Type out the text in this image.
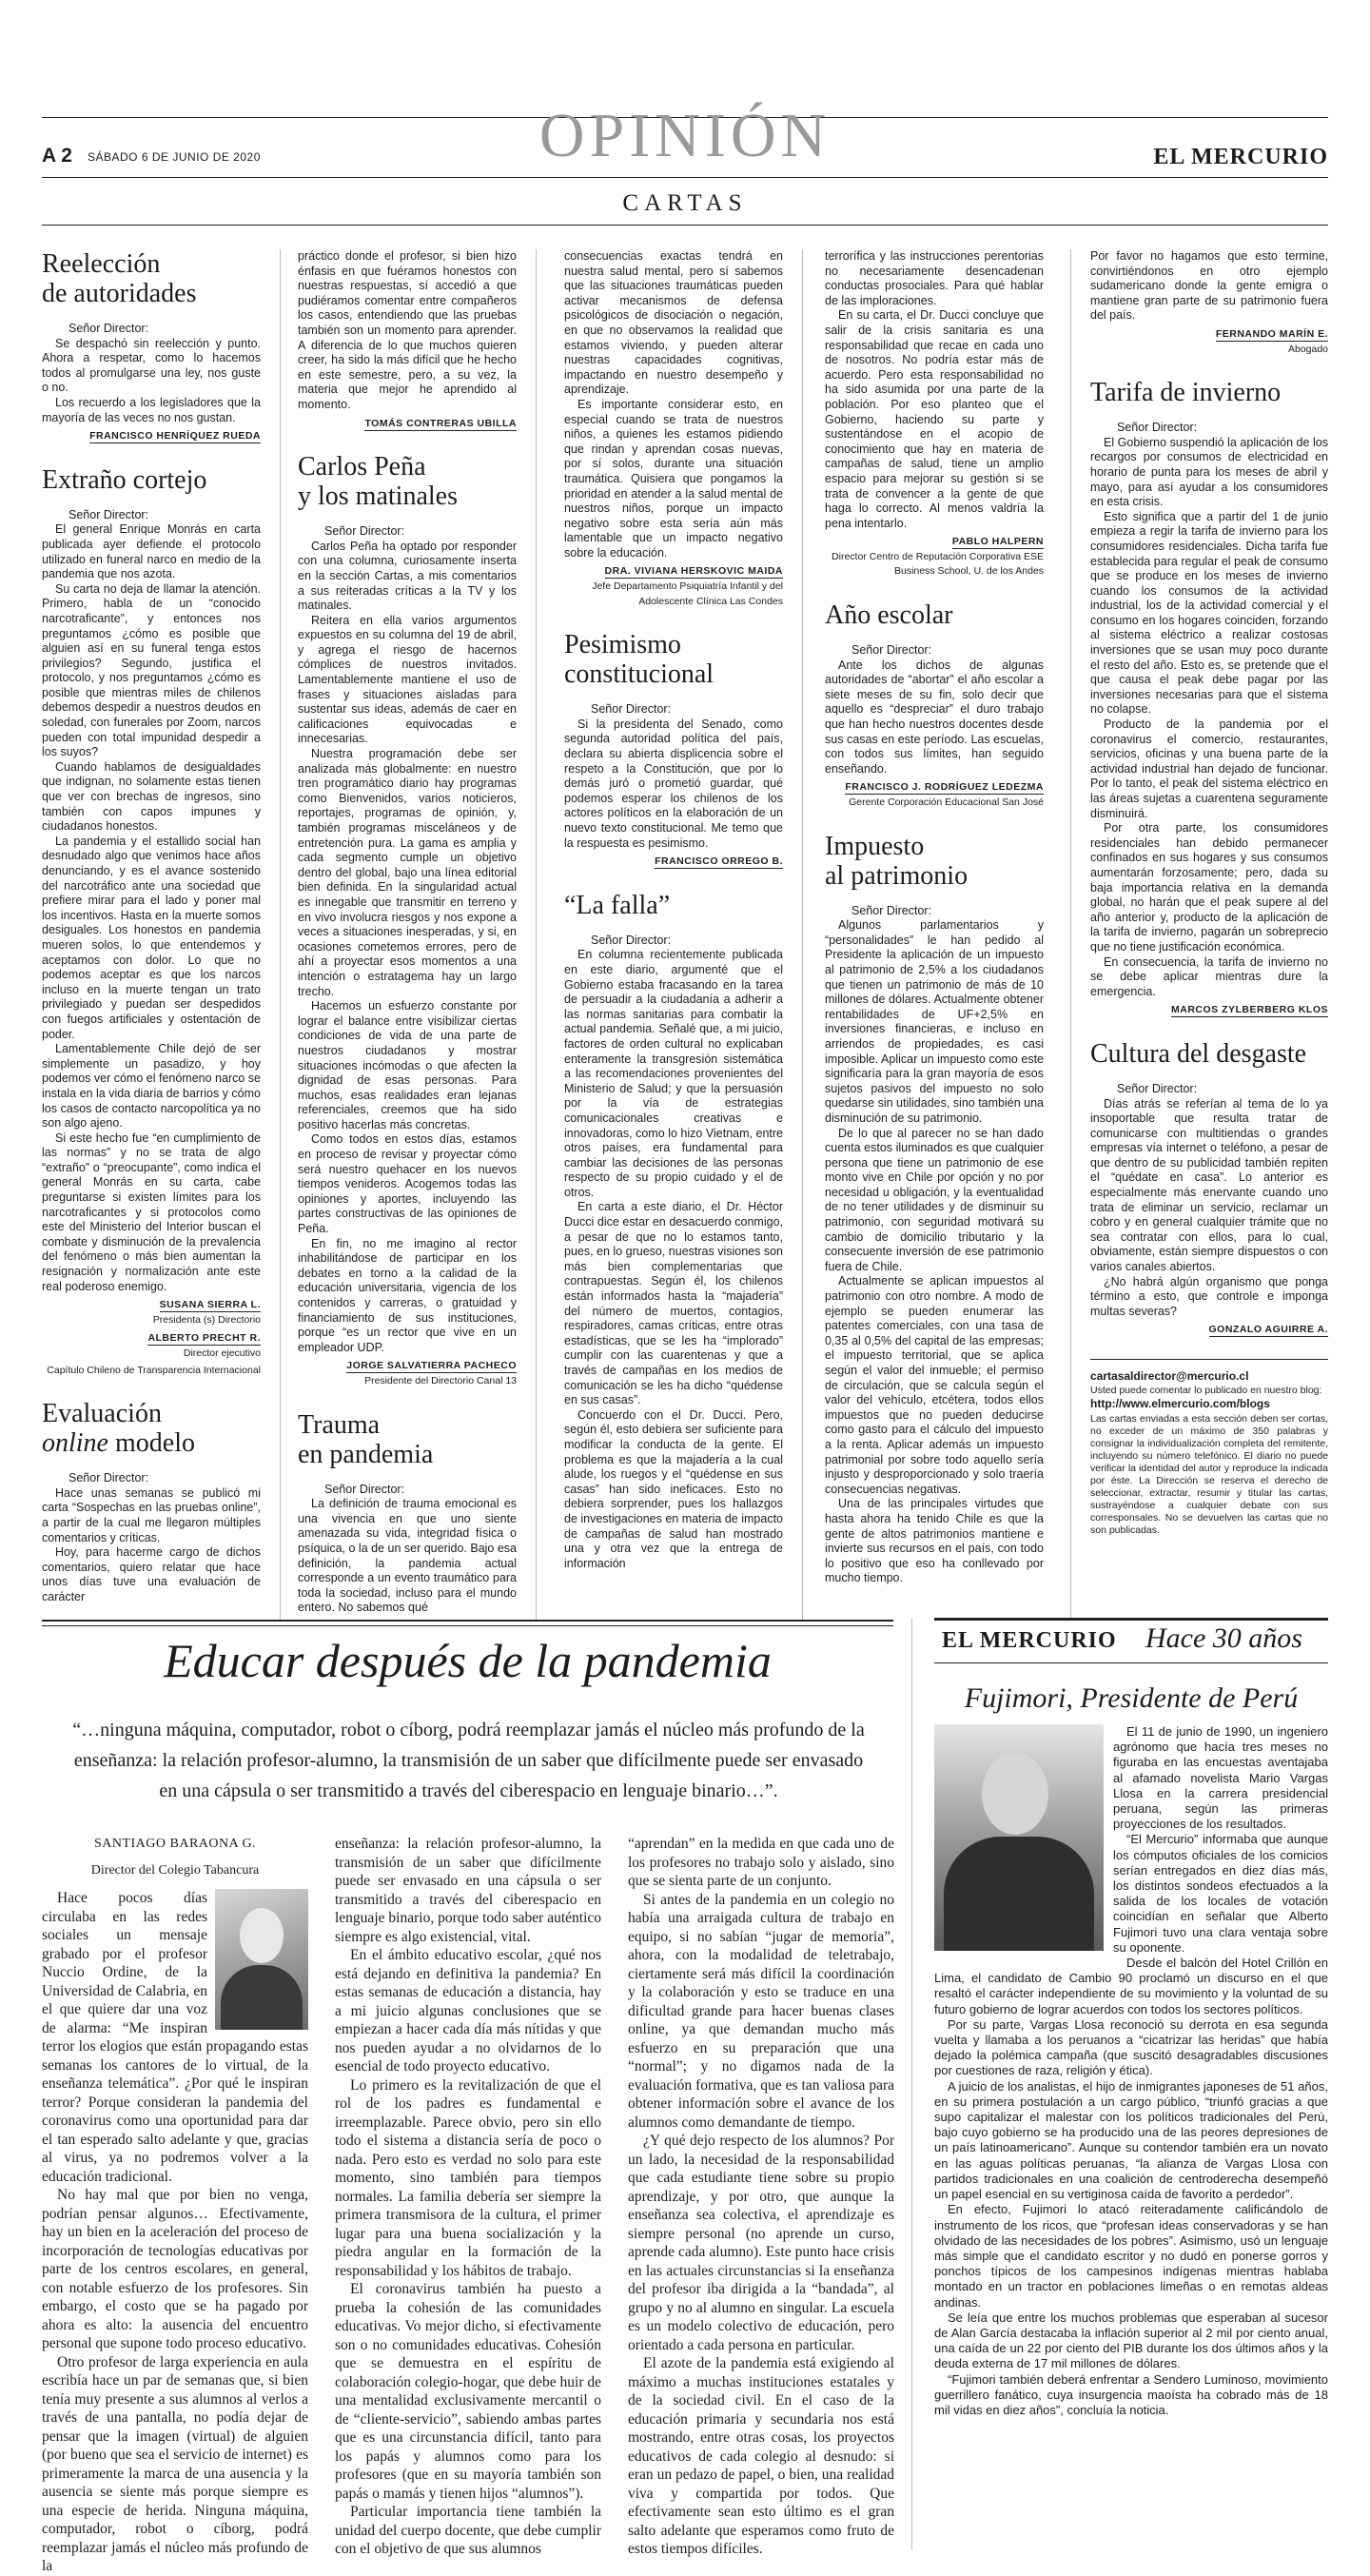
OPINIÓN
A 2 SÁBADO 6 DE JUNIO DE 2020	EL MERCURIO
CARTAS
Reelección
de autoridades

Señor Director:

Se despachó sin reelección y punto. Ahora a respetar, como lo hacemos todos al promulgarse una ley, nos guste o no.

Los recuerdo a los legisladores que la mayoría de las veces no nos gustan.

FRANCISCO HENRÍQUEZ RUEDA
Extraño cortejo

Señor Director:

El general Enrique Monrás en carta publicada ayer defiende el protocolo utilizado en funeral narco en medio de la pandemia que nos azota.

Su carta no deja de llamar la atención. Primero, habla de un “conocido narcotraficante”, y entonces nos preguntamos ¿cómo es posible que alguien así en su funeral tenga estos privilegios? Segundo, justifica el protocolo, y nos preguntamos ¿cómo es posible que mientras miles de chilenos debemos despedir a nuestros deudos en soledad, con funerales por Zoom, narcos pueden con total impunidad despedir a los suyos?

Cuando hablamos de desigualdades que indignan, no solamente estas tienen que ver con brechas de ingresos, sino también con capos impunes y ciudadanos honestos.

La pandemia y el estallido social han desnudado algo que venimos hace años denunciando, y es el avance sostenido del narcotráfico ante una sociedad que prefiere mirar para el lado y poner mal los incentivos. Hasta en la muerte somos desiguales. Los honestos en pandemia mueren solos, lo que entendemos y aceptamos con dolor. Lo que no podemos aceptar es que los narcos incluso en la muerte tengan un trato privilegiado y puedan ser despedidos con fuegos artificiales y ostentación de poder.

Lamentablemente Chile dejó de ser simplemente un pasadizo, y hoy podemos ver cómo el fenómeno narco se instala en la vida diaria de barrios y cómo los casos de contacto narcopolítica ya no son algo ajeno.

Si este hecho fue “en cumplimiento de las normas” y no se trata de algo “extraño” o “preocupante”, como indica el general Monrás en su carta, cabe preguntarse si existen límites para los narcotraficantes y si protocolos como este del Ministerio del Interior buscan el combate y disminución de la prevalencia del fenómeno o más bien aumentan la resignación y normalización ante este real poderoso enemigo.

SUSANA SIERRA L.
Presidenta (s) Directorio
ALBERTO PRECHT R.
Director ejecutivo
Capítulo Chileno de Transparencia Internacional
Evaluación
online modelo

Señor Director:

Hace unas semanas se publicó mi carta “Sospechas en las pruebas online”, a partir de la cual me llegaron múltiples comentarios y críticas.

Hoy, para hacerme cargo de dichos comentarios, quiero relatar que hace unos días tuve una evaluación de carácter

práctico donde el profesor, si bien hizo énfasis en que fuéramos honestos con nuestras respuestas, sí accedió a que pudiéramos comentar entre compañeros los casos, entendiendo que las pruebas también son un momento para aprender. A diferencia de lo que muchos quieren creer, ha sido la más difícil que he hecho en este semestre, pero, a su vez, la materia que mejor he aprendido al momento.

TOMÁS CONTRERAS UBILLA
Carlos Peña
y los matinales

Señor Director:

Carlos Peña ha optado por responder con una columna, curiosamente inserta en la sección Cartas, a mis comentarios a sus reiteradas críticas a la TV y los matinales.

Reitera en ella varios argumentos expuestos en su columna del 19 de abril, y agrega el riesgo de hacernos cómplices de nuestros invitados. Lamentablemente mantiene el uso de frases y situaciones aisladas para sustentar sus ideas, además de caer en calificaciones equivocadas e innecesarias.

Nuestra programación debe ser analizada más globalmente: en nuestro tren programático diario hay programas como Bienvenidos, varios noticieros, reportajes, programas de opinión, y, también programas misceláneos y de entretención pura. La gama es amplia y cada segmento cumple un objetivo dentro del global, bajo una línea editorial bien definida. En la singularidad actual es innegable que transmitir en terreno y en vivo involucra riesgos y nos expone a veces a situaciones inesperadas, y si, en ocasiones cometemos errores, pero de ahí a proyectar esos momentos a una intención o estratagema hay un largo trecho.

Hacemos un esfuerzo constante por lograr el balance entre visibilizar ciertas condiciones de vida de una parte de nuestros ciudadanos y mostrar situaciones incómodas o que afecten la dignidad de esas personas. Para muchos, esas realidades eran lejanas referenciales, creemos que ha sido positivo hacerlas más concretas.

Como todos en estos días, estamos en proceso de revisar y proyectar cómo será nuestro quehacer en los nuevos tiempos venideros. Acogemos todas las opiniones y aportes, incluyendo las partes constructivas de las opiniones de Peña.

En fin, no me imagino al rector inhabilitándose de participar en los debates en torno a la calidad de la educación universitaria, vigencia de los contenidos y carreras, o gratuidad y financiamiento de sus instituciones, porque “es un rector que vive en un empleador UDP.

JORGE SALVATIERRA PACHECO
Presidente del Directorio Canal 13
Trauma
en pandemia

Señor Director:

La definición de trauma emocional es una vivencia en que uno siente amenazada su vida, integridad física o psíquica, o la de un ser querido. Bajo esa definición, la pandemia actual corresponde a un evento traumático para toda la sociedad, incluso para el mundo entero. No sabemos qué

consecuencias exactas tendrá en nuestra salud mental, pero sí sabemos que las situaciones traumáticas pueden activar mecanismos de defensa psicológicos de disociación o negación, en que no observamos la realidad que estamos viviendo, y pueden alterar nuestras capacidades cognitivas, impactando en nuestro desempeño y aprendizaje.

Es importante considerar esto, en especial cuando se trata de nuestros niños, a quienes les estamos pidiendo que rindan y aprendan cosas nuevas, por sí solos, durante una situación traumática. Quisiera que pongamos la prioridad en atender a la salud mental de nuestros niños, porque un impacto negativo sobre esta sería aún más lamentable que un impacto negativo sobre la educación.

DRA. VIVIANA HERSKOVIC MAIDA
Jefe Departamento Psiquiatría Infantil y del Adolescente Clínica Las Condes
Pesimismo
constitucional

Señor Director:

Si la presidenta del Senado, como segunda autoridad política del país, declara su abierta displicencia sobre el respeto a la Constitución, que por lo demás juró o prometió guardar, qué podemos esperar los chilenos de los actores políticos en la elaboración de un nuevo texto constitucional. Me temo que la respuesta es pesimismo.

FRANCISCO ORREGO B.
“La falla”

Señor Director:

En columna recientemente publicada en este diario, argumenté que el Gobierno estaba fracasando en la tarea de persuadir a la ciudadanía a adherir a las normas sanitarias para combatir la actual pandemia. Señalé que, a mi juicio, factores de orden cultural no explicaban enteramente la transgresión sistemática a las recomendaciones provenientes del Ministerio de Salud; y que la persuasión por la vía de estrategias comunicacionales creativas e innovadoras, como lo hizo Vietnam, entre otros países, era fundamental para cambiar las decisiones de las personas respecto de su propio cuidado y el de otros.

En carta a este diario, el Dr. Héctor Ducci dice estar en desacuerdo conmigo, a pesar de que no lo estamos tanto, pues, en lo grueso, nuestras visiones son más bien complementarias que contrapuestas. Según él, los chilenos están informados hasta la “majadería” del número de muertos, contagios, respiradores, camas críticas, entre otras estadísticas, que se les ha “implorado” cumplir con las cuarentenas y que a través de campañas en los medios de comunicación se les ha dicho “quédense en sus casas”.

Concuerdo con el Dr. Ducci. Pero, según él, esto debiera ser suficiente para modificar la conducta de la gente. El problema es que la majadería a la cual alude, los ruegos y el “quédense en sus casas” han sido ineficaces. Esto no debiera sorprender, pues los hallazgos de investigaciones en materia de impacto de campañas de salud han mostrado una y otra vez que la entrega de información

terrorífica y las instrucciones perentorias no necesariamente desencadenan conductas prosociales. Para qué hablar de las imploraciones.

En su carta, el Dr. Ducci concluye que salir de la crisis sanitaria es una responsabilidad que recae en cada uno de nosotros. No podría estar más de acuerdo. Pero esta responsabilidad no ha sido asumida por una parte de la población. Por eso planteo que el Gobierno, haciendo su parte y sustentándose en el acopio de conocimiento que hay en materia de campañas de salud, tiene un amplio espacio para mejorar su gestión si se trata de convencer a la gente de que haga lo correcto. Al menos valdría la pena intentarlo.

PABLO HALPERN
Director Centro de Reputación Corporativa ESE Business School, U. de los Andes
Año escolar

Señor Director:

Ante los dichos de algunas autoridades de “abortar” el año escolar a siete meses de su fin, solo decir que aquello es “despreciar” el duro trabajo que han hecho nuestros docentes desde sus casas en este período. Las escuelas, con todos sus límites, han seguido enseñando.

FRANCISCO J. RODRÍGUEZ LEDEZMA
Gerente Corporación Educacional San José
Impuesto
al patrimonio

Señor Director:

Algunos parlamentarios y “personalidades” le han pedido al Presidente la aplicación de un impuesto al patrimonio de 2,5% a los ciudadanos que tienen un patrimonio de más de 10 millones de dólares. Actualmente obtener rentabilidades de UF+2,5% en inversiones financieras, e incluso en arriendos de propiedades, es casi imposible. Aplicar un impuesto como este significaría para la gran mayoría de esos sujetos pasivos del impuesto no solo quedarse sin utilidades, sino también una disminución de su patrimonio.

De lo que al parecer no se han dado cuenta estos iluminados es que cualquier persona que tiene un patrimonio de ese monto vive en Chile por opción y no por necesidad u obligación, y la eventualidad de no tener utilidades y de disminuir su patrimonio, con seguridad motivará su cambio de domicilio tributario y la consecuente inversión de ese patrimonio fuera de Chile.

Actualmente se aplican impuestos al patrimonio con otro nombre. A modo de ejemplo se pueden enumerar las patentes comerciales, con una tasa de 0,35 al 0,5% del capital de las empresas; el impuesto territorial, que se aplica según el valor del inmueble; el permiso de circulación, que se calcula según el valor del vehículo, etcétera, todos ellos impuestos que no pueden deducirse como gasto para el cálculo del impuesto a la renta. Aplicar además un impuesto patrimonial por sobre todo aquello sería injusto y desproporcionado y solo traería consecuencias negativas.

Una de las principales virtudes que hasta ahora ha tenido Chile es que la gente de altos patrimonios mantiene e invierte sus recursos en el país, con todo lo positivo que eso ha conllevado por mucho tiempo.

Por favor no hagamos que esto termine, convirtiéndonos en otro ejemplo sudamericano donde la gente emigra o mantiene gran parte de su patrimonio fuera del país.

FERNANDO MARÍN E.
Abogado
Tarifa de invierno

Señor Director:

El Gobierno suspendió la aplicación de los recargos por consumos de electricidad en horario de punta para los meses de abril y mayo, para así ayudar a los consumidores en esta crisis.

Esto significa que a partir del 1 de junio empieza a regir la tarifa de invierno para los consumidores residenciales. Dicha tarifa fue establecida para regular el peak de consumo que se produce en los meses de invierno cuando los consumos de la actividad industrial, los de la actividad comercial y el consumo en los hogares coinciden, forzando al sistema eléctrico a realizar costosas inversiones que se usan muy poco durante el resto del año. Esto es, se pretende que el que causa el peak debe pagar por las inversiones necesarias para que el sistema no colapse.

Producto de la pandemia por el coronavirus el comercio, restaurantes, servicios, oficinas y una buena parte de la actividad industrial han dejado de funcionar. Por lo tanto, el peak del sistema eléctrico en las áreas sujetas a cuarentena seguramente disminuirá.

Por otra parte, los consumidores residenciales han debido permanecer confinados en sus hogares y sus consumos aumentarán forzosamente; pero, dada su baja importancia relativa en la demanda global, no harán que el peak supere al del año anterior y, producto de la aplicación de la tarifa de invierno, pagarán un sobreprecio que no tiene justificación económica.

En consecuencia, la tarifa de invierno no se debe aplicar mientras dure la emergencia.

MARCOS ZYLBERBERG KLOS
Cultura del desgaste

Señor Director:

Días atrás se referían al tema de lo ya insoportable que resulta tratar de comunicarse con multitiendas o grandes empresas vía internet o teléfono, a pesar de que dentro de su publicidad también repiten el “quédate en casa”. Lo anterior es especialmente más enervante cuando uno trata de eliminar un servicio, reclamar un cobro y en general cualquier trámite que no sea contratar con ellos, para lo cual, obviamente, están siempre dispuestos o con varios canales abiertos.

¿No habrá algún organismo que ponga término a esto, que controle e imponga multas severas?

GONZALO AGUIRRE A.
cartasaldirector@mercurio.cl
Usted puede comentar lo publicado en nuestro blog:
http://www.elmercurio.com/blogs
Las cartas enviadas a esta sección deben ser cortas, no exceder de un máximo de 350 palabras y consignar la individualización completa del remitente, incluyendo su número telefónico. El diario no puede verificar la identidad del autor y reproduce la indicada por éste. La Dirección se reserva el derecho de seleccionar, extractar, resumir y titular las cartas, sustrayéndose a cualquier debate con sus corresponsales. No se devuelven las cartas que no son publicadas.
Educar después de la pandemia
“…ninguna máquina, computador, robot o cíborg, podrá reemplazar jamás el núcleo más profundo de la enseñanza: la relación profesor-alumno, la transmisión de un saber que difícilmente puede ser envasado en una cápsula o ser transmitido a través del ciberespacio en lenguaje binario…”.
SANTIAGO BARAONA G.
Director del Colegio Tabancura

Hace pocos días circulaba en las redes sociales un mensaje grabado por el profesor Nuccio Ordine, de la Universidad de Calabria, en el que quiere dar una voz de alarma: “Me inspiran terror los elogios que están propagando estas semanas los cantores de lo virtual, de la enseñanza telemática”. ¿Por qué le inspiran terror? Porque consideran la pandemia del coronavirus como una oportunidad para dar el tan esperado salto adelante y que, gracias al virus, ya no podremos volver a la educación tradicional.

No hay mal que por bien no venga, podrían pensar algunos… Efectivamente, hay un bien en la aceleración del proceso de incorporación de tecnologías educativas por parte de los centros escolares, en general, con notable esfuerzo de los profesores. Sin embargo, el costo que se ha pagado por ahora es alto: la ausencia del encuentro personal que supone todo proceso educativo.

Otro profesor de larga experiencia en aula escribía hace un par de semanas que, si bien tenía muy presente a sus alumnos al verlos a través de una pantalla, no podía dejar de pensar que la imagen (virtual) de alguien (por bueno que sea el servicio de internet) es primeramente la marca de una ausencia y la ausencia se siente más porque siempre es una especie de herida. Ninguna máquina, computador, robot o cíborg, podrá reemplazar jamás el núcleo más profundo de la

enseñanza: la relación profesor-alumno, la transmisión de un saber que difícilmente puede ser envasado en una cápsula o ser transmitido a través del ciberespacio en lenguaje binario, porque todo saber auténtico siempre es algo existencial, vital.

En el ámbito educativo escolar, ¿qué nos está dejando en definitiva la pandemia? En estas semanas de educación a distancia, hay a mi juicio algunas conclusiones que se empiezan a hacer cada día más nítidas y que nos pueden ayudar a no olvidarnos de lo esencial de todo proyecto educativo.

Lo primero es la revitalización de que el rol de los padres es fundamental e irreemplazable. Parece obvio, pero sin ello todo el sistema a distancia sería de poco o nada. Pero esto es verdad no solo para este momento, sino también para tiempos normales. La familia debería ser siempre la primera transmisora de la cultura, el primer lugar para una buena socialización y la piedra angular en la formación de la responsabilidad y los hábitos de trabajo.

El coronavirus también ha puesto a prueba la cohesión de las comunidades educativas. Vo mejor dicho, si efectivamente son o no comunidades educativas. Cohesión que se demuestra en el espíritu de colaboración colegio-hogar, que debe huir de una mentalidad exclusivamente mercantil o de “cliente-servicio”, sabiendo ambas partes que es una circunstancia difícil, tanto para los papás y alumnos como para los profesores (que en su mayoría también son papás o mamás y tienen hijos “alumnos”).

Particular importancia tiene también la unidad del cuerpo docente, que debe cumplir con el objetivo de que sus alumnos

“aprendan” en la medida en que cada uno de los profesores no trabajo solo y aislado, sino que se sienta parte de un conjunto.

Si antes de la pandemia en un colegio no había una arraigada cultura de trabajo en equipo, si no sabían “jugar de memoria”, ahora, con la modalidad de teletrabajo, ciertamente será más difícil la coordinación y la colaboración y esto se traduce en una dificultad grande para hacer buenas clases online, ya que demandan mucho más esfuerzo en su preparación que una “normal”; y no digamos nada de la evaluación formativa, que es tan valiosa para obtener información sobre el avance de los alumnos como demandante de tiempo.

¿Y qué dejo respecto de los alumnos? Por un lado, la necesidad de la responsabilidad que cada estudiante tiene sobre su propio aprendizaje, y por otro, que aunque la enseñanza sea colectiva, el aprendizaje es siempre personal (no aprende un curso, aprende cada alumno). Este punto hace crisis en las actuales circunstancias si la enseñanza del profesor iba dirigida a la “bandada”, al grupo y no al alumno en singular. La escuela es un modelo colectivo de educación, pero orientado a cada persona en particular.

El azote de la pandemia está exigiendo al máximo a muchas instituciones estatales y de la sociedad civil. En el caso de la educación primaria y secundaria nos está mostrando, entre otras cosas, los proyectos educativos de cada colegio al desnudo: si eran un pedazo de papel, o bien, una realidad viva y compartida por todos. Que efectivamente sean esto último es el gran salto adelante que esperamos como fruto de estos tiempos difíciles.

EL MERCURIO Hace 30 años
Fujimori, Presidente de Perú

El 11 de junio de 1990, un ingeniero agrónomo que hacía tres meses no figuraba en las encuestas aventajaba al afamado novelista Mario Vargas Llosa en la carrera presidencial peruana, según las primeras proyecciones de los resultados.

“El Mercurio” informaba que aunque los cómputos oficiales de los comicios serían entregados en diez días más, los distintos sondeos efectuados a la salida de los locales de votación coincidían en señalar que Alberto Fujimori tuvo una clara ventaja sobre su oponente.

Desde el balcón del Hotel Crillón en Lima, el candidato de Cambio 90 proclamó un discurso en el que resaltó el carácter independiente de su movimiento y la voluntad de su futuro gobierno de lograr acuerdos con todos los sectores políticos.

Por su parte, Vargas Llosa reconoció su derrota en esa segunda vuelta y llamaba a los peruanos a “cicatrizar las heridas” que había dejado la polémica campaña (que suscitó desagradables discusiones por cuestiones de raza, religión y ética).

A juicio de los analistas, el hijo de inmigrantes japoneses de 51 años, en su primera postulación a un cargo público, “triunfó gracias a que supo capitalizar el malestar con los políticos tradicionales del Perú, bajo cuyo gobierno se ha producido una de las peores depresiones de un país latinoamericano”. Aunque su contendor también era un novato en las aguas políticas peruanas, “la alianza de Vargas Llosa con partidos tradicionales en una coalición de centroderecha desempeñó un papel esencial en su vertiginosa caída de favorito a perdedor”.

En efecto, Fujimori lo atacó reiteradamente calificándolo de instrumento de los ricos, que “profesan ideas conservadoras y se han olvidado de las necesidades de los pobres”. Asimismo, usó un lenguaje más simple que el candidato escritor y no dudó en ponerse gorros y ponchos típicos de los campesinos indígenas mientras hablaba montado en un tractor en poblaciones limeñas o en remotas aldeas andinas.

Se leía que entre los muchos problemas que esperaban al sucesor de Alan García destacaba la inflación superior al 2 mil por ciento anual, una caída de un 22 por ciento del PIB durante los dos últimos años y la deuda externa de 17 mil millones de dólares.

“Fujimori también deberá enfrentar a Sendero Luminoso, movimiento guerrillero fanático, cuya insurgencia maoísta ha cobrado más de 18 mil vidas en diez años”, concluía la noticia.
